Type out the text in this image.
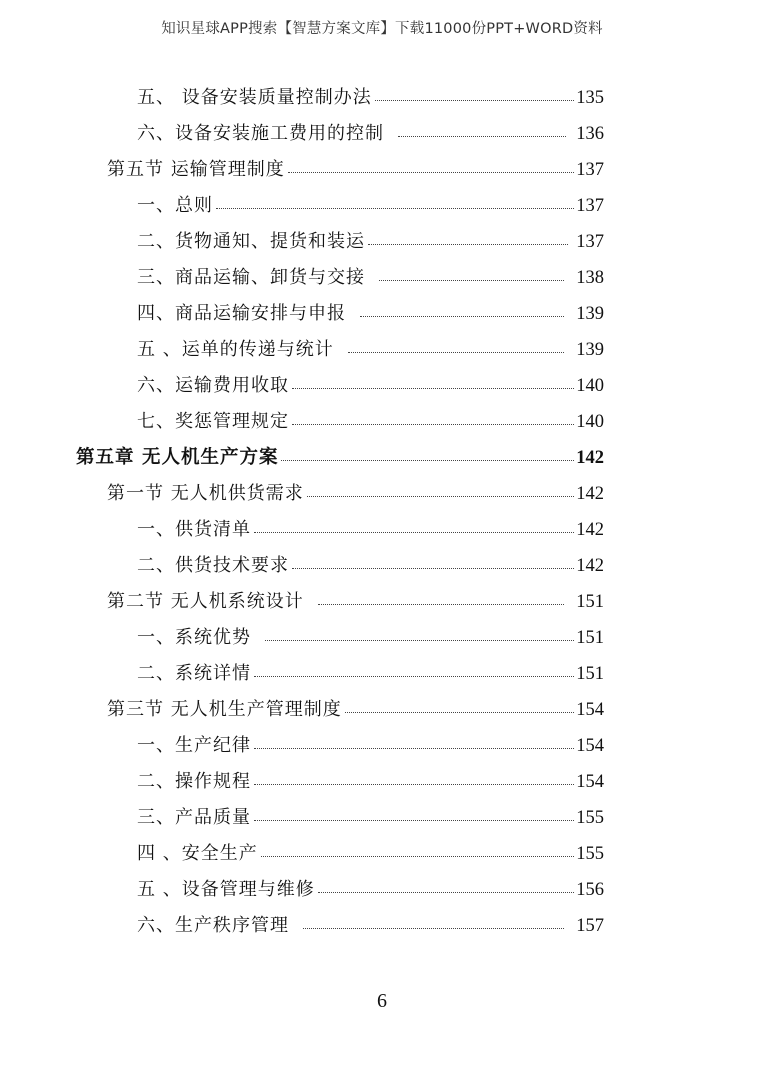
知识星球APP搜索【智慧方案文库】下载11000份PPT+WORD资料
五、 设备安装质量控制办法	135
六、设备安装施工费用的控制	136
第五节 运输管理制度	137
一、总则	137
二、货物通知、提货和装运	137
三、商品运输、卸货与交接	138
四、商品运输安排与申报	139
五 、运单的传递与统计	139
六、运输费用收取	140
七、奖惩管理规定	140
第五章 无人机生产方案	142
第一节 无人机供货需求	142
一、供货清单	142
二、供货技术要求	142
第二节 无人机系统设计	151
一、系统优势	151
二、系统详情	151
第三节 无人机生产管理制度	154
一、生产纪律	154
二、操作规程	154
三、产品质量	155
四 、安全生产	155
五 、设备管理与维修	156
六、生产秩序管理	157
6
